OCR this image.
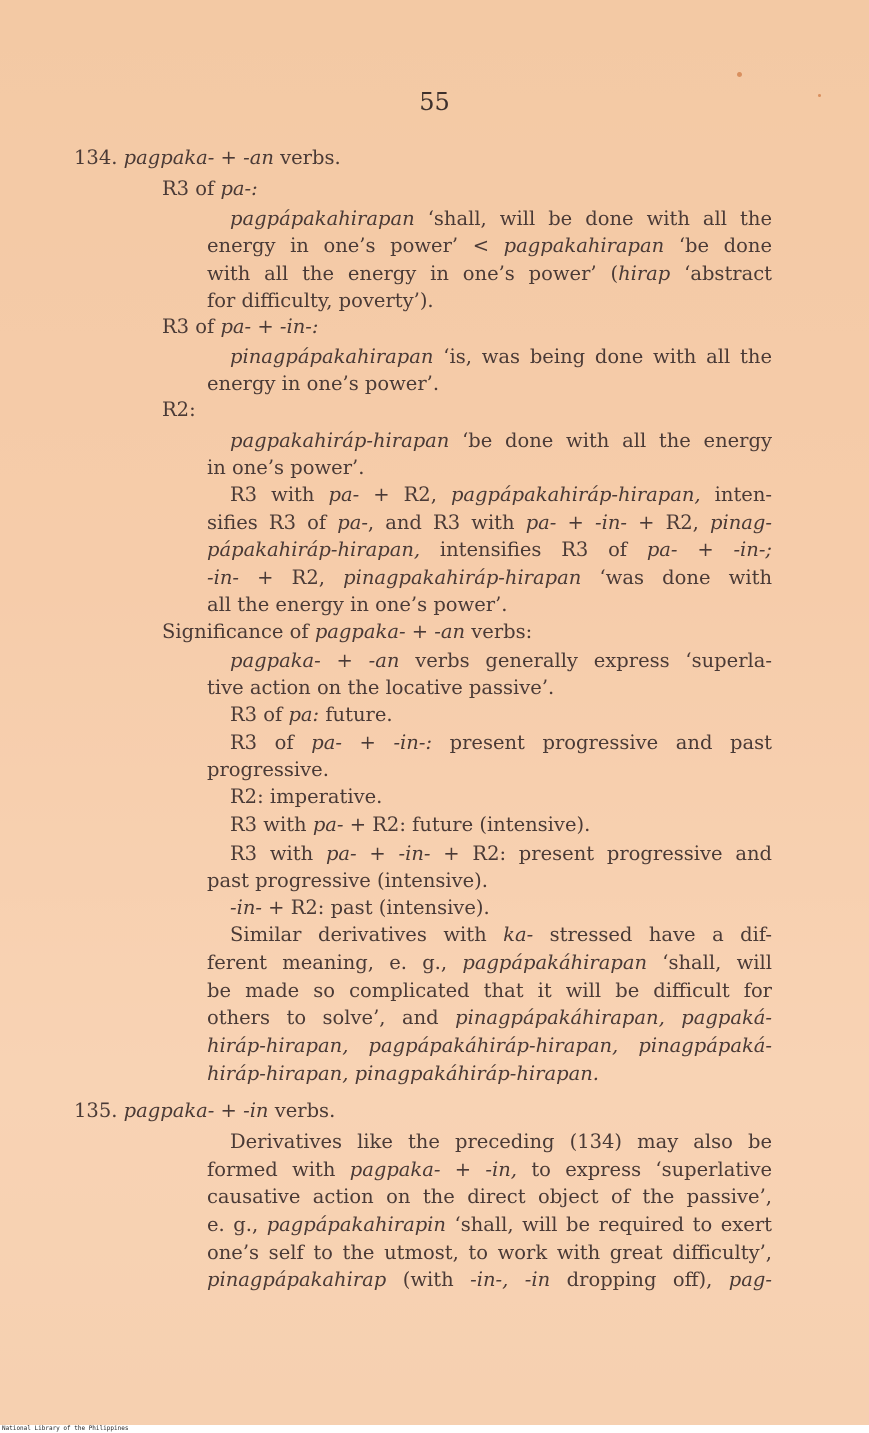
55
134. pagpaka- + -an verbs.
R3 of pa-:
pagpápakahirapan ‘shall, will be done with all the
energy in one’s power’ < pagpakahirapan ‘be done
with all the energy in one’s power’ (hirap ‘abstract
for difficulty, poverty’).
R3 of pa- + -in-:
pinagpápakahirapan ‘is, was being done with all the
energy in one’s power’.
R2:
pagpakahiráp-hirapan ‘be done with all the energy
in one’s power’.
R3 with pa- + R2, pagpápakahiráp-hirapan, inten-
sifies R3 of pa-, and R3 with pa- + -in- + R2, pinag-
pápakahiráp-hirapan, intensifies R3 of pa- + -in-;
-in- + R2, pinagpakahiráp-hirapan ‘was done with
all the energy in one’s power’.
Significance of pagpaka- + -an verbs:
pagpaka- + -an verbs generally express ‘superla-
tive action on the locative passive’.
R3 of pa: future.
R3 of pa- + -in-: present progressive and past
progressive.
R2: imperative.
R3 with pa- + R2: future (intensive).
R3 with pa- + -in- + R2: present progressive and
past progressive (intensive).
-in- + R2: past (intensive).
Similar derivatives with ka- stressed have a dif-
ferent meaning, e. g., pagpápakáhirapan ‘shall, will
be made so complicated that it will be difficult for
others to solve’, and pinagpápakáhirapan, pagpaká-
hiráp-hirapan, pagpápakáhiráp-hirapan, pinagpápaká-
hiráp-hirapan, pinagpakáhiráp-hirapan.
135. pagpaka- + -in verbs.
Derivatives like the preceding (134) may also be
formed with pagpaka- + -in, to express ‘superlative
causative action on the direct object of the passive’,
e. g., pagpápakahirapin ‘shall, will be required to exert
one’s self to the utmost, to work with great difficulty’,
pinagpápakahirap (with -in-, -in dropping off), pag-
National Library of the Philippines
